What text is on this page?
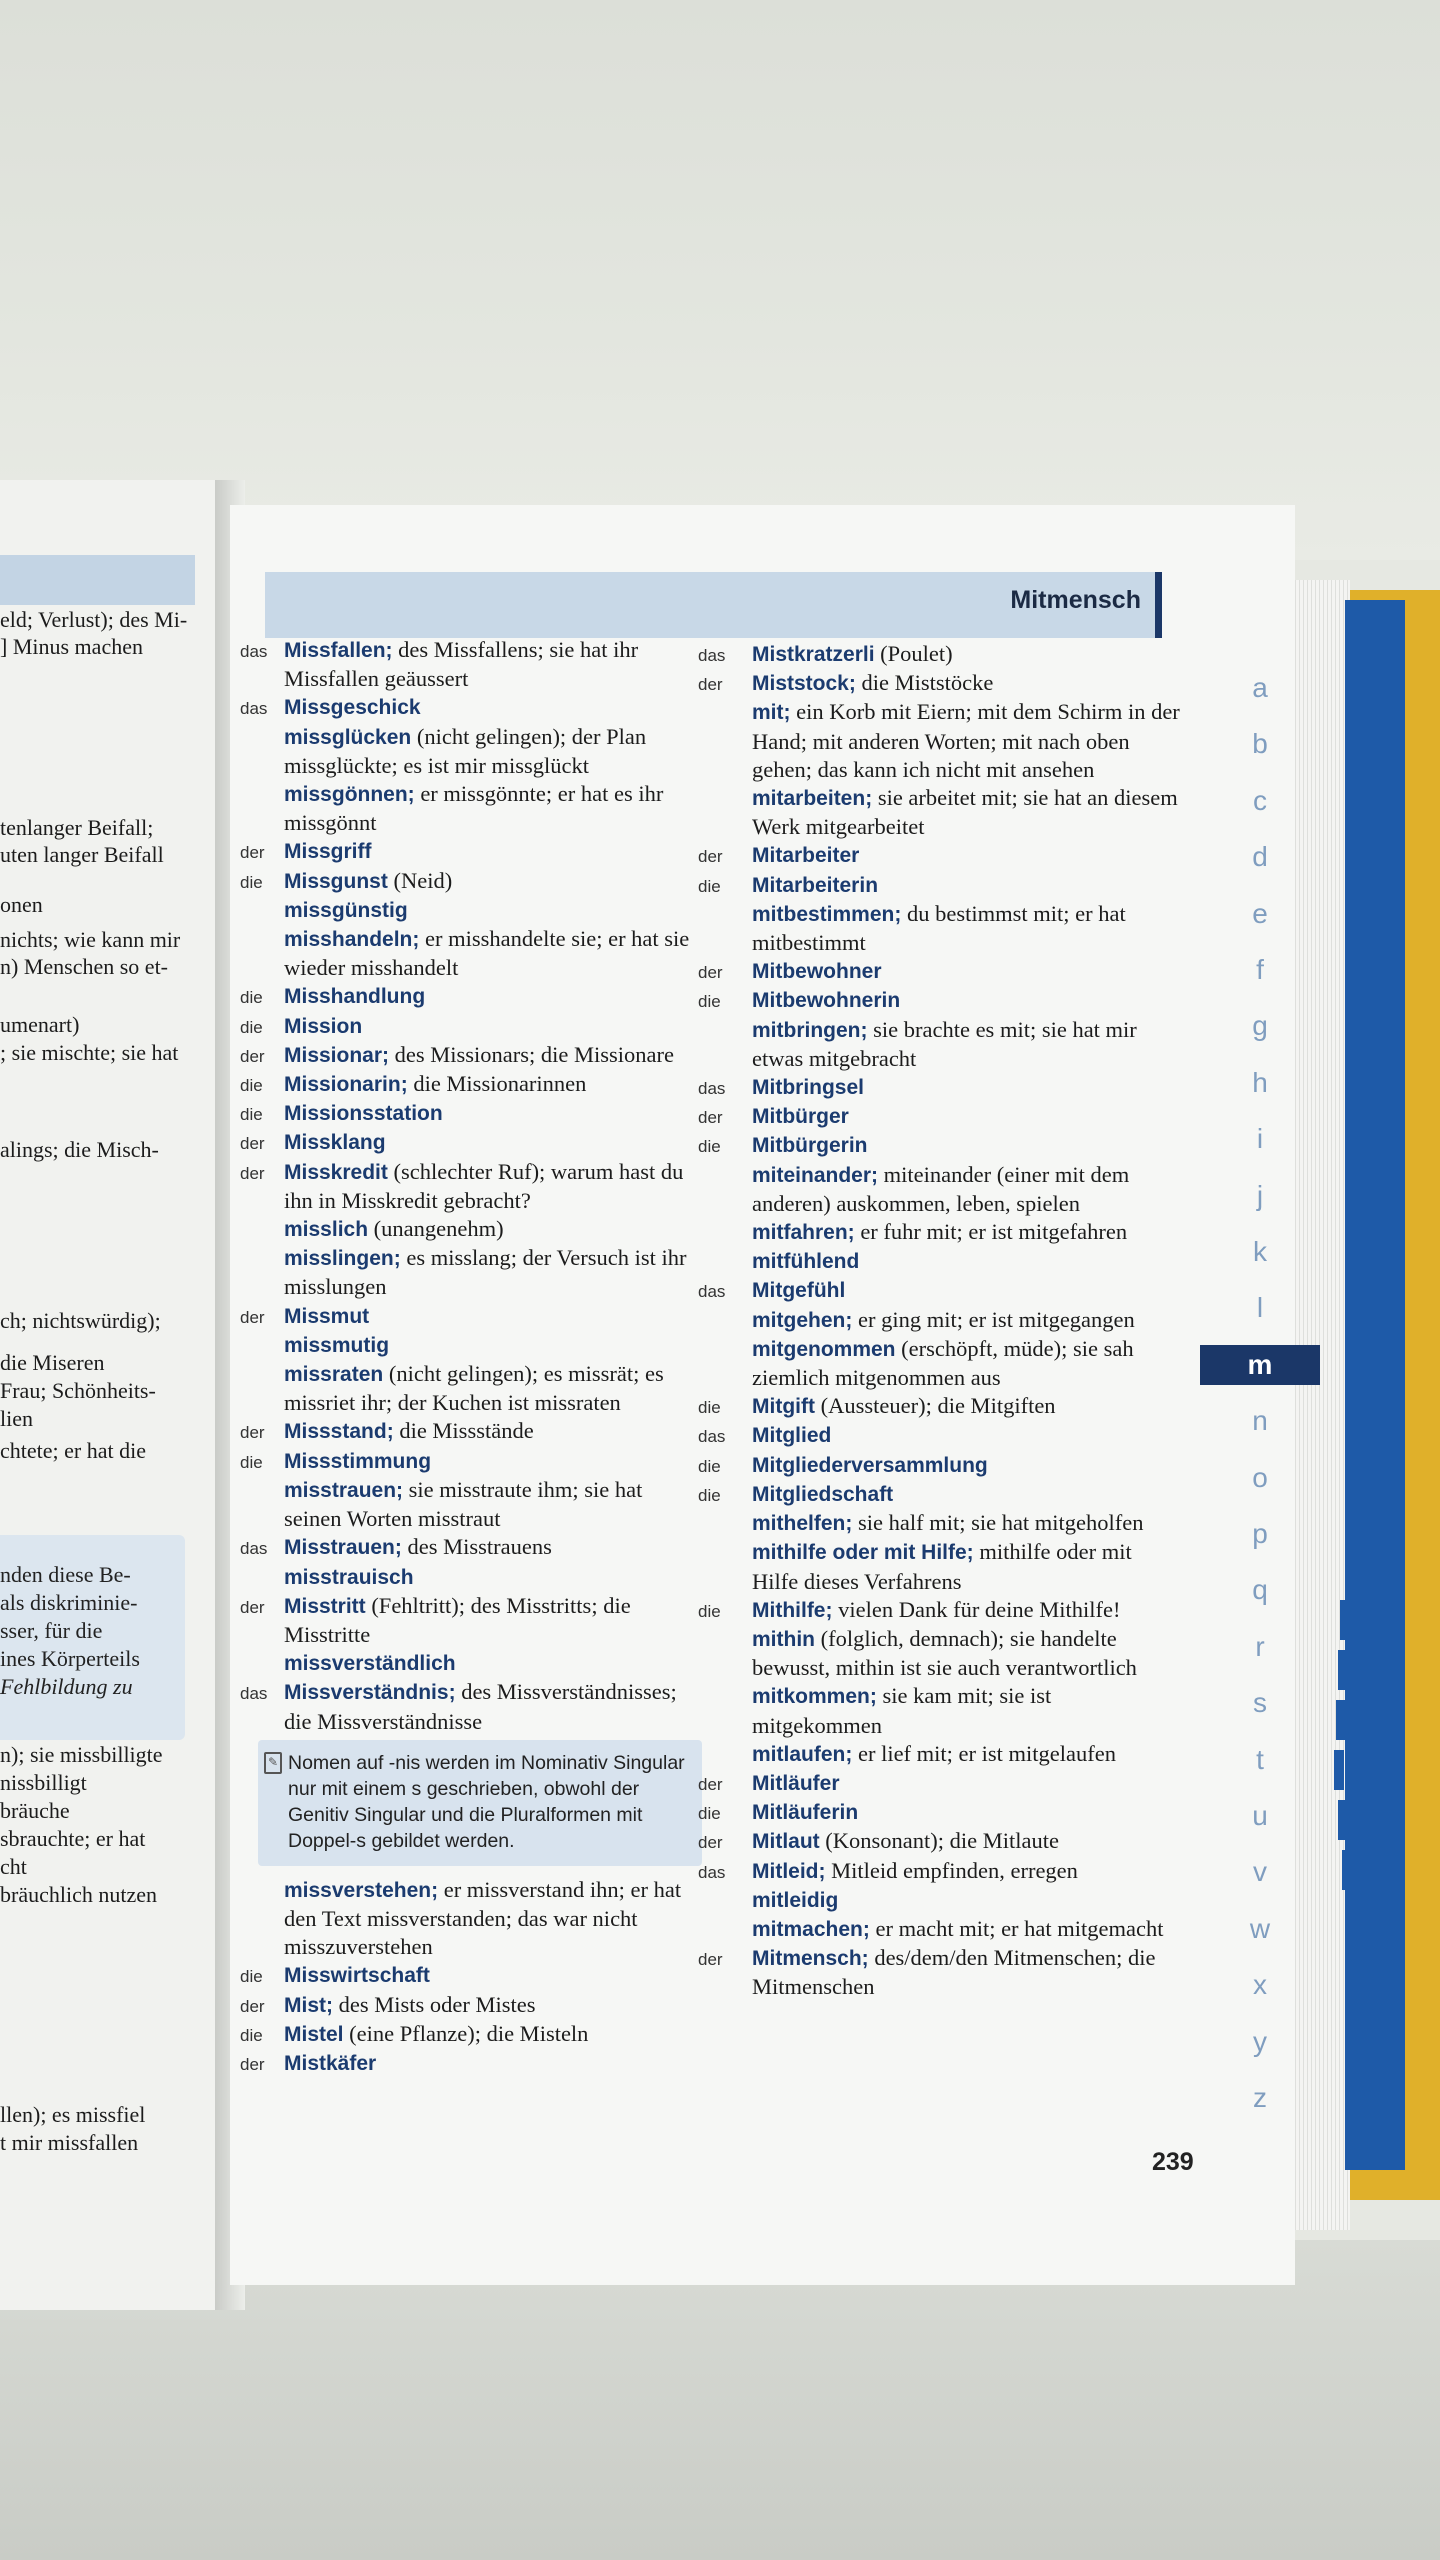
eld; Verlust); des Mi-
] Minus machen
tenlanger Beifall;
uten langer Beifall
onen
nichts; wie kann mir
n) Menschen so et-
umenart)
; sie mischte; sie hat
alings; die Misch-
ch; nichtswürdig);
die Miseren
Frau; Schönheits-
lien
chtete; er hat die
nden diese Be-
als diskriminie-
sser, für die
ines Körperteils
Fehlbildung zu
n); sie missbilligte
nissbilligt
bräuche
sbrauchte; er hat
cht
bräuchlich nutzen
llen); es missfiel
t mir missfallen
Mitmensch
das Missfallen; des Missfallens; sie hat ihr Missfallen geäussert
das Missgeschick
missglücken (nicht gelingen); der Plan missglückte; es ist mir missglückt
missgönnen; er missgönnte; er hat es ihr missgönnt
der Missgriff
die	Missgunst (Neid)
missgünstig
misshandeln; er misshandelte sie; er hat sie wieder misshandelt
die	Misshandlung
die	Mission
der Missionar; des Missionars; die Missionare
die	Missionarin; die Missionarinnen
die	Missionsstation
der Missklang
der Misskredit (schlechter Ruf); warum hast du ihn in Misskredit gebracht?
misslich (unangenehm)
misslingen; es misslang; der Versuch ist ihr misslungen
der Missmut
missmutig
missraten (nicht gelingen); es missrät; es missriet ihr; der Kuchen ist missraten
der Missstand; die Missstände
die	Missstimmung
misstrauen; sie misstraute ihm; sie hat seinen Worten misstraut
das Misstrauen; des Misstrauens
misstrauisch
der Misstritt (Fehltritt); des Misstritts; die Misstritte
missverständlich
das Missverständnis; des Missverständnisses; die Missverständnisse
✎ Nomen auf -nis werden im Nominativ Singular nur mit einem s geschrieben, obwohl der Genitiv Singular und die Pluralformen mit Doppel-s gebildet werden.
missverstehen; er missverstand ihn; er hat den Text missverstanden; das war nicht misszuverstehen
die	Misswirtschaft
der Mist; des Mists oder Mistes
die	Mistel (eine Pflanze); die Misteln
der Mistkäfer
das	Mistkratzerli (Poulet)
der	Miststock; die Miststöcke
mit; ein Korb mit Eiern; mit dem Schirm in der Hand; mit anderen Worten; mit nach oben gehen; das kann ich nicht mit ansehen
mitarbeiten; sie arbeitet mit; sie hat an diesem Werk mitgearbeitet
der	Mitarbeiter
die	Mitarbeiterin
mitbestimmen; du bestimmst mit; er hat mitbestimmt
der	Mitbewohner
die	Mitbewohnerin
mitbringen; sie brachte es mit; sie hat mir etwas mitgebracht
das	Mitbringsel
der	Mitbürger
die	Mitbürgerin
miteinander; miteinander (einer mit dem anderen) auskommen, leben, spielen
mitfahren; er fuhr mit; er ist mitgefahren
mitfühlend
das	Mitgefühl
mitgehen; er ging mit; er ist mitgegangen
mitgenommen (erschöpft, müde); sie sah ziemlich mitgenommen aus
die	Mitgift (Aussteuer); die Mitgiften
das	Mitglied
die	Mitgliederversammlung
die	Mitgliedschaft
mithelfen; sie half mit; sie hat mitgeholfen
mithilfe oder mit Hilfe; mithilfe oder mit Hilfe dieses Verfahrens
die	Mithilfe; vielen Dank für deine Mithilfe!
mithin (folglich, demnach); sie handelte bewusst, mithin ist sie auch verantwortlich
mitkommen; sie kam mit; sie ist mitgekommen
mitlaufen; er lief mit; er ist mitgelaufen
der	Mitläufer
die	Mitläuferin
der	Mitlaut (Konsonant); die Mitlaute
das	Mitleid; Mitleid empfinden, erregen
mitleidig
mitmachen; er macht mit; er hat mitgemacht
der	Mitmensch; des/dem/den Mitmenschen; die Mitmenschen
a
b
c
d
e
f
g
h
i
j
k
l
m
n
o
p
q
r
s
t
u
v
w
x
y
z
239
